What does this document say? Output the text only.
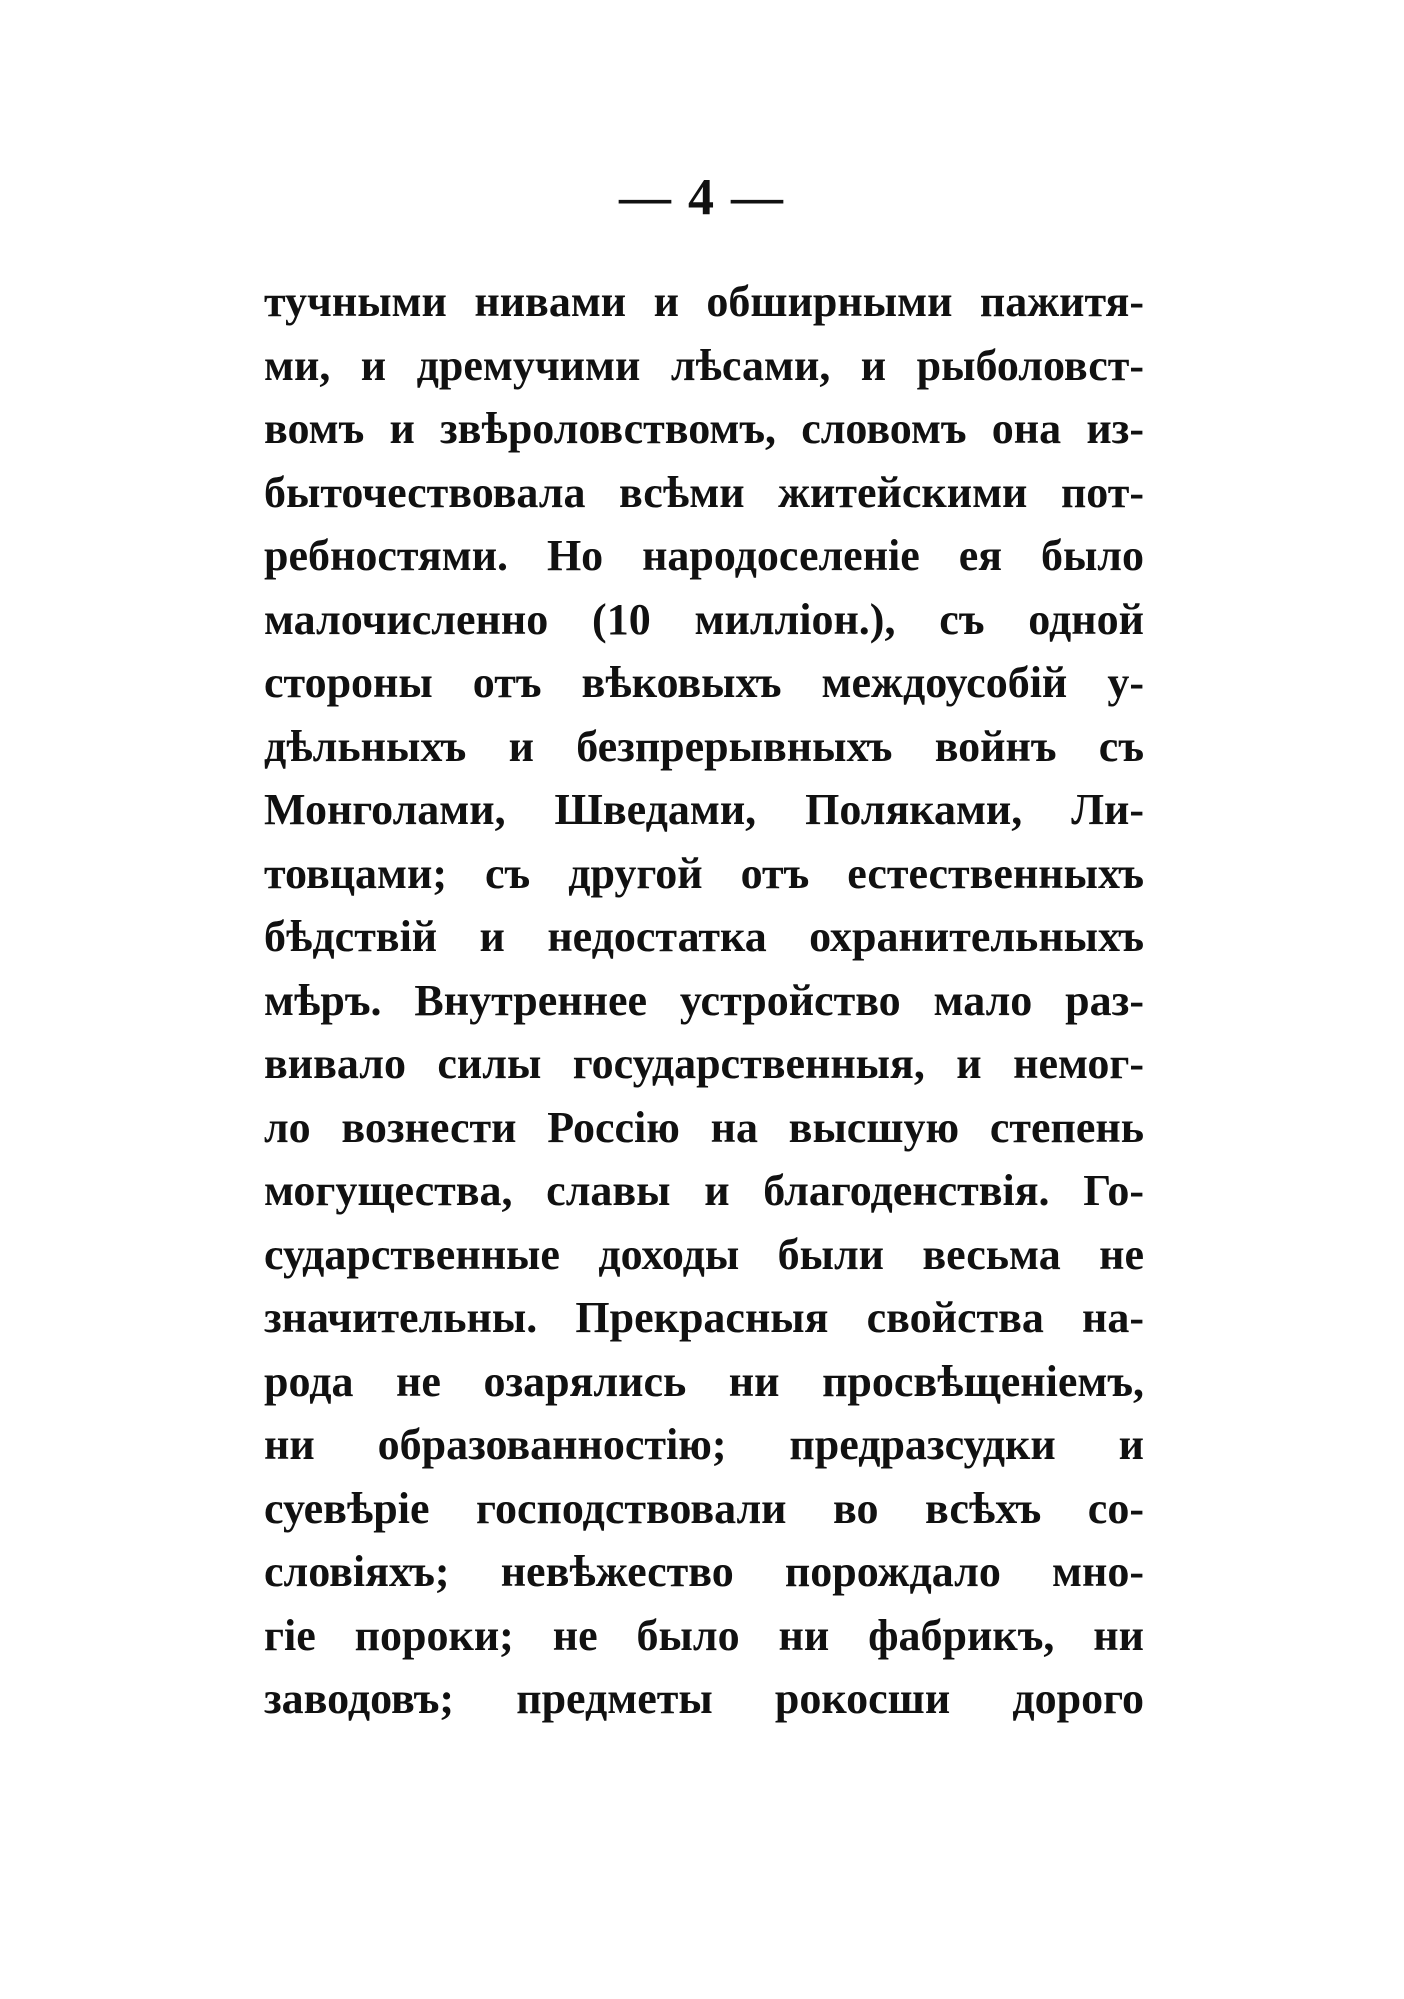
— 4 —
тучными нивами и обширными пажитя-
ми, и дремучими лѣсами, и рыболовст-
вомъ и звѣроловствомъ, словомъ она из-
быточествовала всѣми житейскими пот-
ребностями. Но народоселеніе ея было
малочисленно (10 милліон.), съ одной
стороны отъ вѣковыхъ междоусобій у-
дѣльныхъ и безпрерывныхъ войнъ съ
Монголами, Шведами, Поляками, Ли-
товцами; съ другой отъ естественныхъ
бѣдствій и недостатка охранительныхъ
мѣръ. Внутреннее устройство мало раз-
вивало силы государственныя, и немог-
ло вознести Россію на высшую степень
могущества, славы и благоденствія. Го-
сударственные доходы были весьма не
значительны. Прекрасныя свойства на-
рода не озарялись ни просвѣщеніемъ,
ни образованностію; предразсудки и
суевѣріе господствовали во всѣхъ со-
словіяхъ; невѣжество порождало мно-
гіе пороки; не было ни фабрикъ, ни
заводовъ; предметы рокосши дорого
